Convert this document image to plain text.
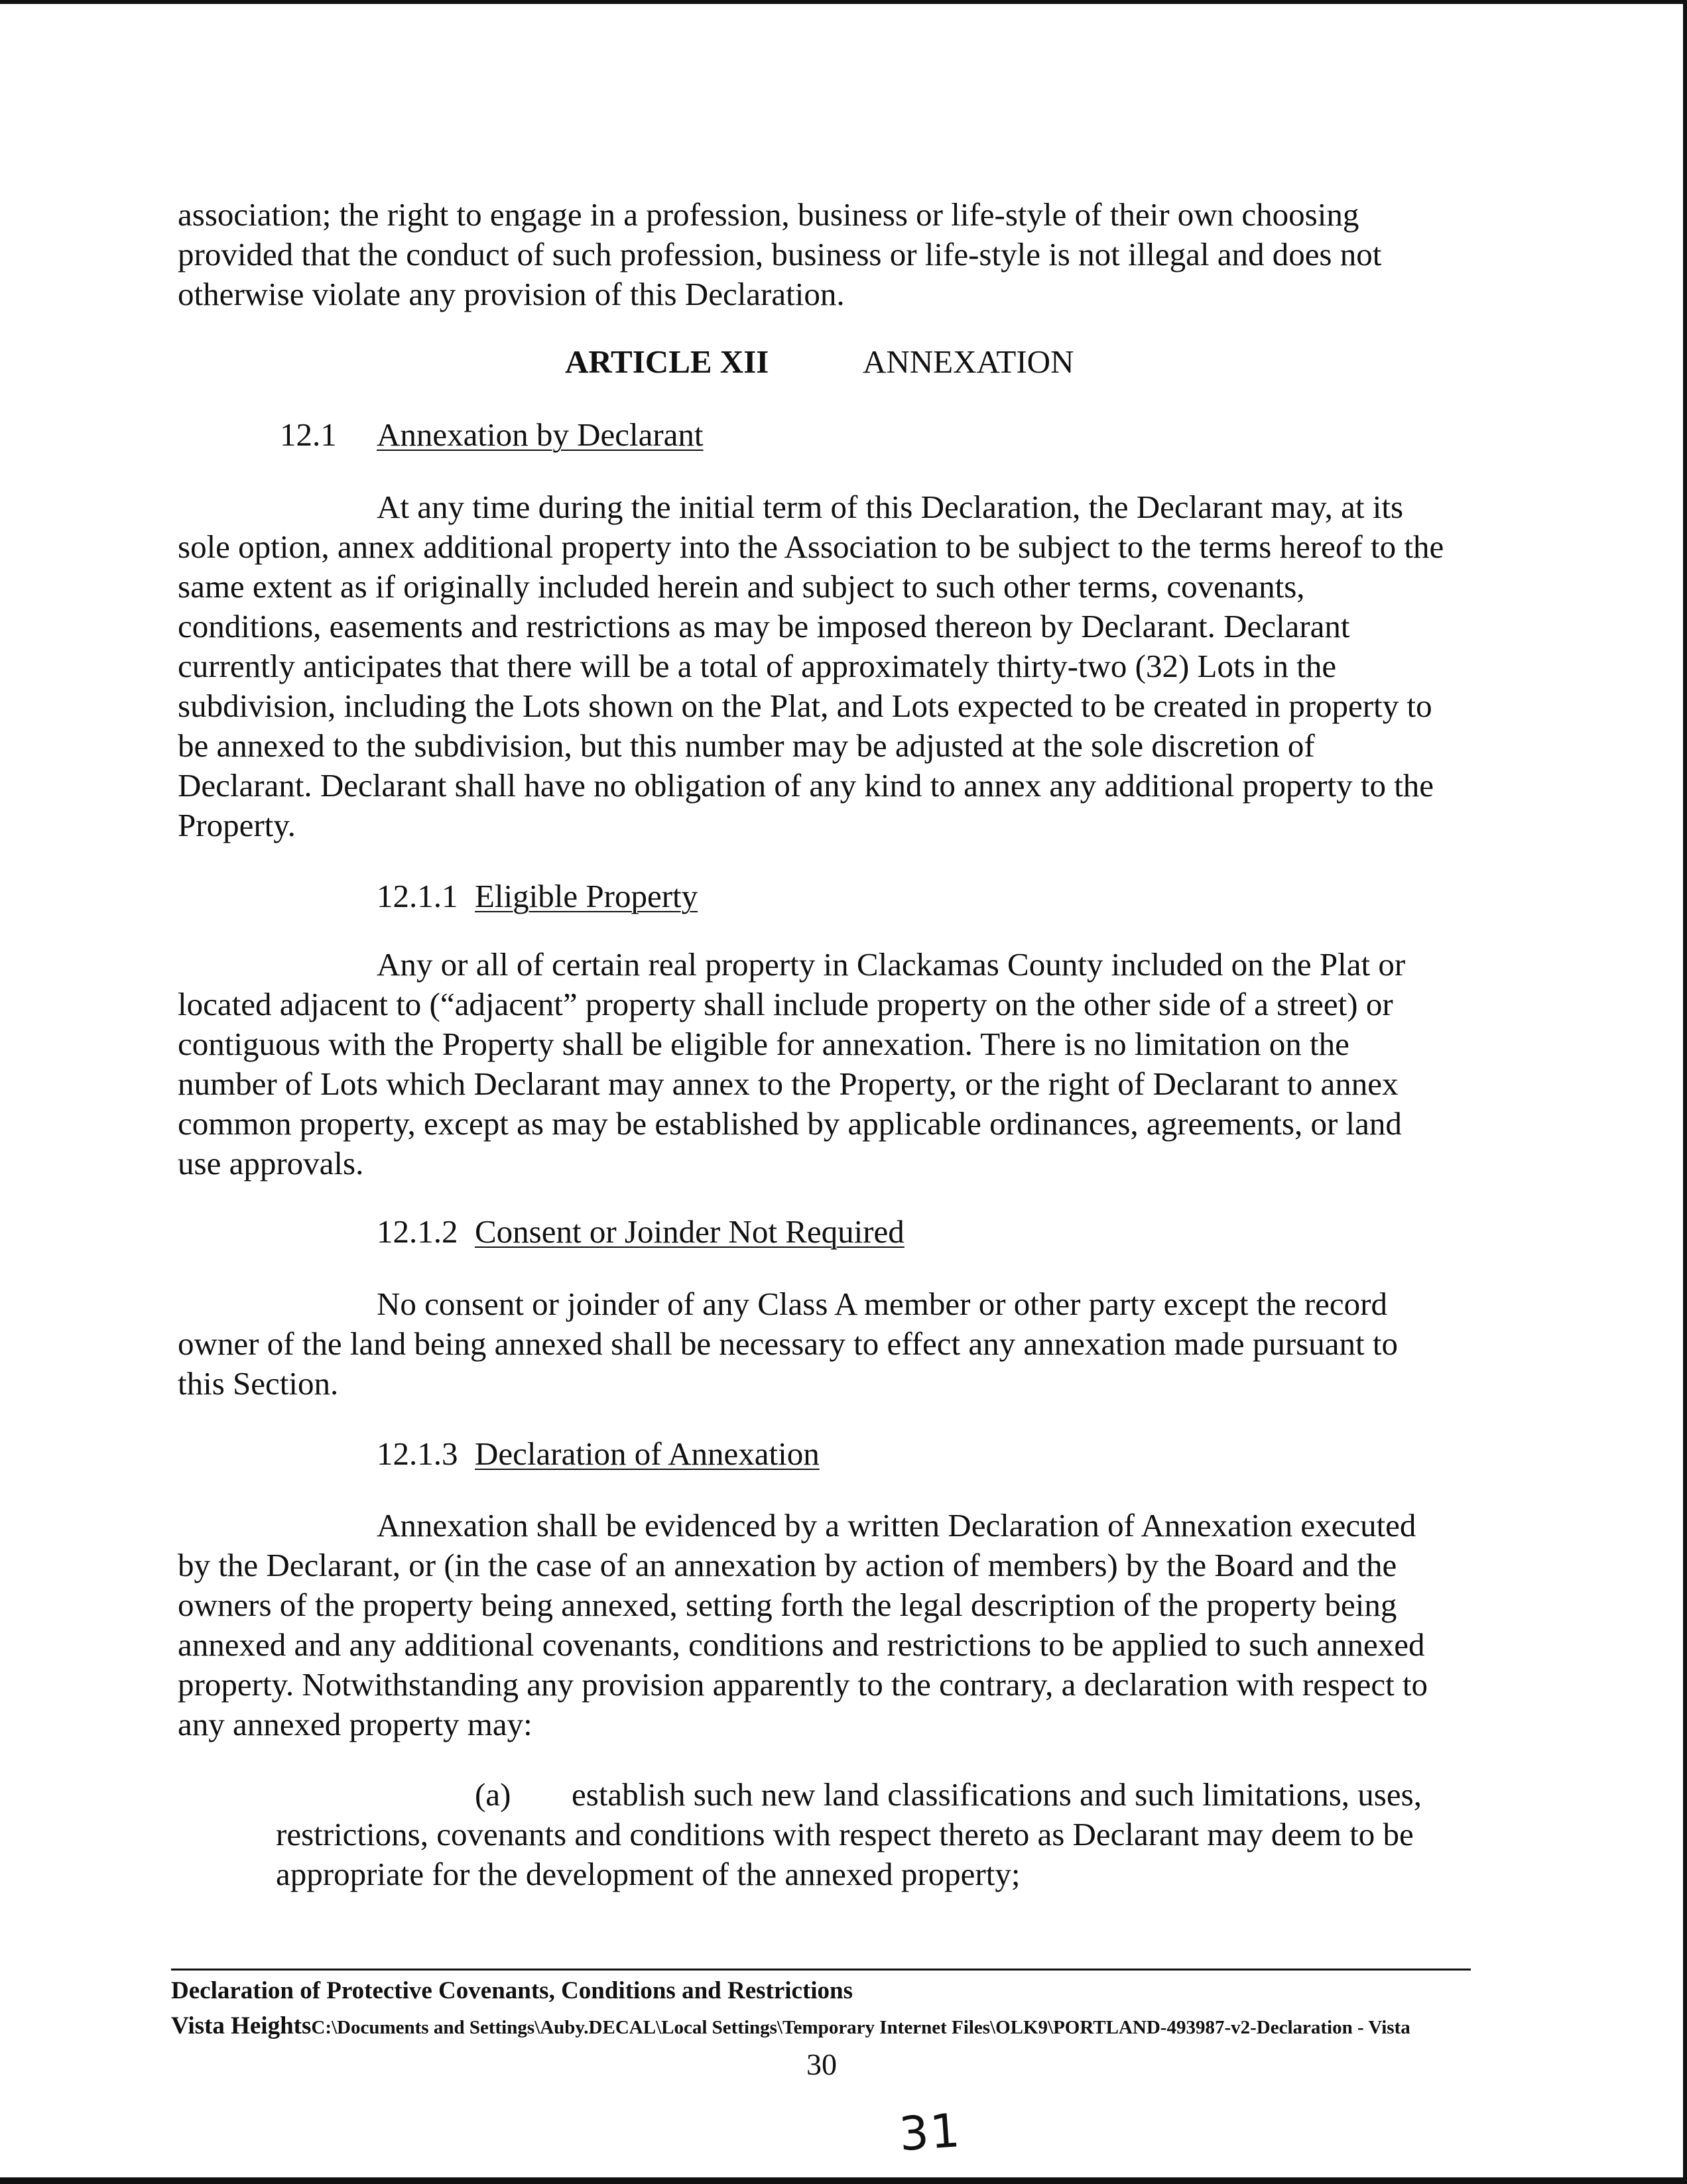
association; the right to engage in a profession, business or life-style of their own choosing

provided that the conduct of such profession, business or life-style is not illegal and does not

otherwise violate any provision of this Declaration.

ARTICLE XII	ANNEXATION
12.1 Annexation by Declarant

At any time during the initial term of this Declaration, the Declarant may, at its

sole option, annex additional property into the Association to be subject to the terms hereof to the

same extent as if originally included herein and subject to such other terms, covenants,

conditions, easements and restrictions as may be imposed thereon by Declarant. Declarant

currently anticipates that there will be a total of approximately thirty-two (32) Lots in the

subdivision, including the Lots shown on the Plat, and Lots expected to be created in property to

be annexed to the subdivision, but this number may be adjusted at the sole discretion of

Declarant. Declarant shall have no obligation of any kind to annex any additional property to the

Property.

12.1.1 Eligible Property

Any or all of certain real property in Clackamas County included on the Plat or

located adjacent to (“adjacent” property shall include property on the other side of a street) or

contiguous with the Property shall be eligible for annexation. There is no limitation on the

number of Lots which Declarant may annex to the Property, or the right of Declarant to annex

common property, except as may be established by applicable ordinances, agreements, or land

use approvals.

12.1.2 Consent or Joinder Not Required

No consent or joinder of any Class A member or other party except the record

owner of the land being annexed shall be necessary to effect any annexation made pursuant to

this Section.

12.1.3 Declaration of Annexation

Annexation shall be evidenced by a written Declaration of Annexation executed

by the Declarant, or (in the case of an annexation by action of members) by the Board and the

owners of the property being annexed, setting forth the legal description of the property being

annexed and any additional covenants, conditions and restrictions to be applied to such annexed

property. Notwithstanding any provision apparently to the contrary, a declaration with respect to

any annexed property may:

(a) establish such new land classifications and such limitations, uses,

restrictions, covenants and conditions with respect thereto as Declarant may deem to be

appropriate for the development of the annexed property;

Declaration of Protective Covenants, Conditions and Restrictions
Vista HeightsC:\Documents and Settings\Auby.DECAL\Local Settings\Temporary Internet Files\OLK9\PORTLAND-493987-v2-Declaration - Vista
30
31
